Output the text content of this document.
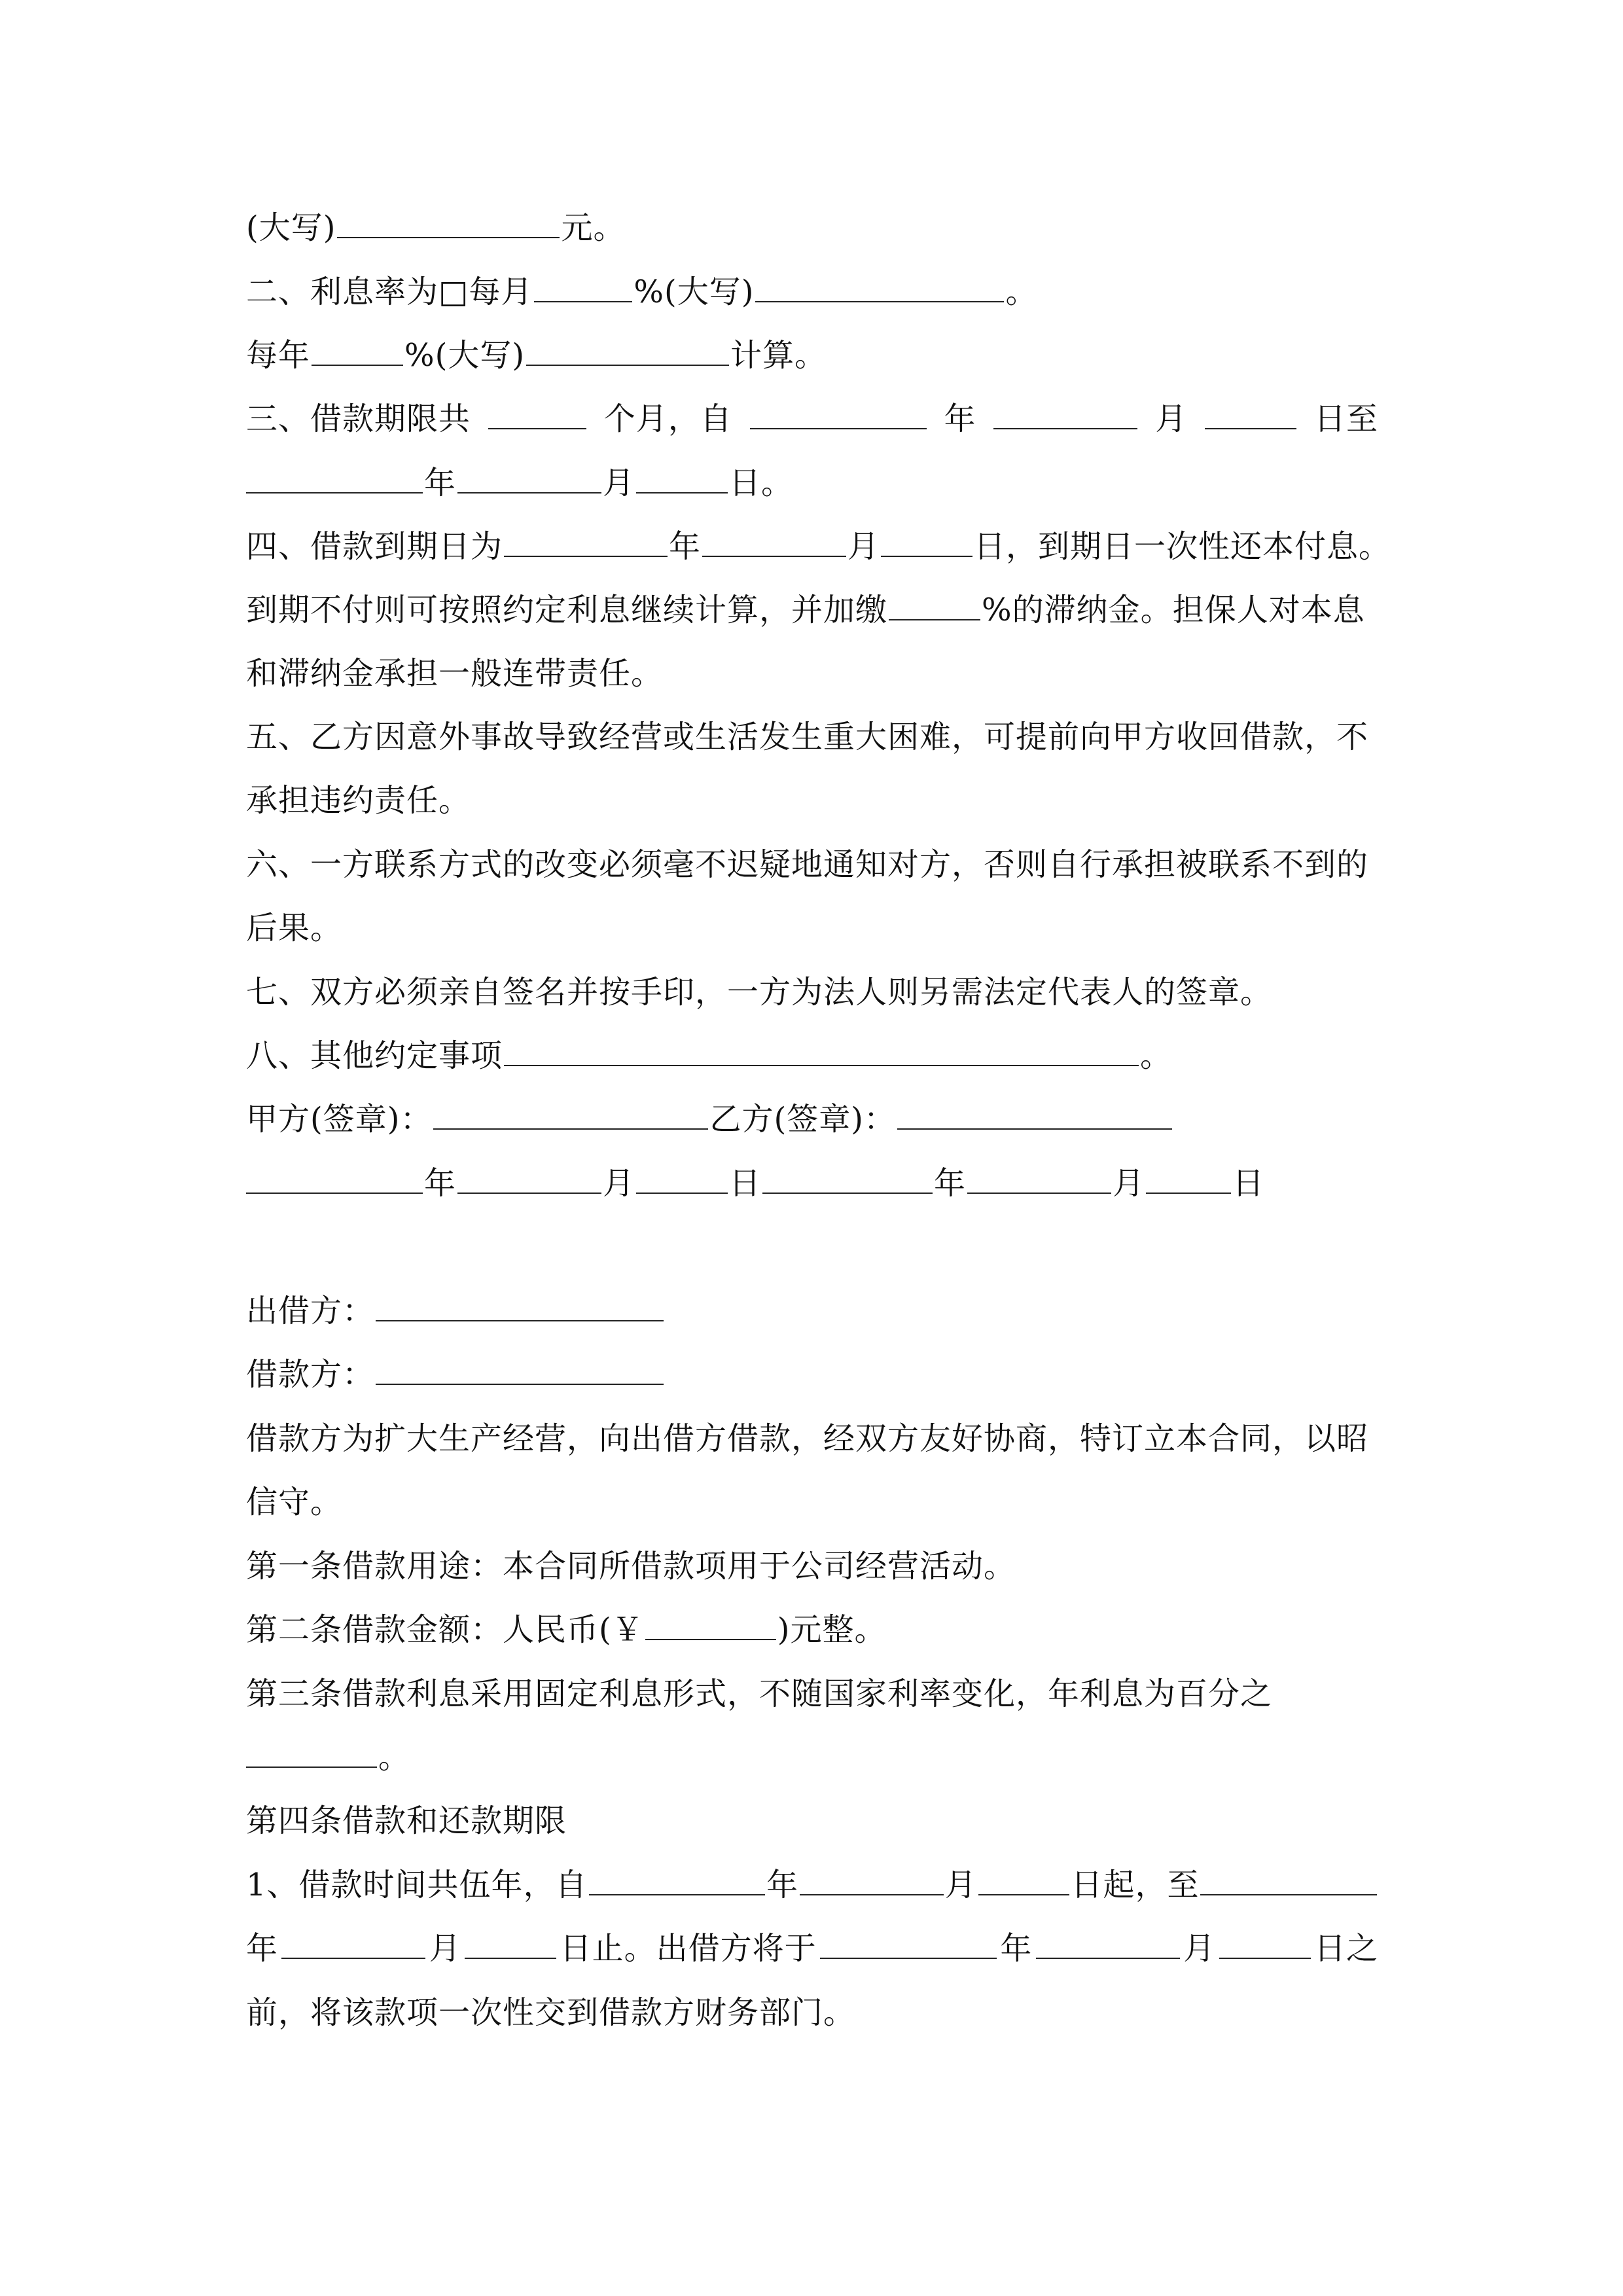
(大写)	元。
二、利息率为□每月	%(大写)	。
每年	%(大写)	计算。
三、借款期限共	个月，自	年	月	日至
年	月	日。
四、借款到期日为	年	月	日，到期日一次性还本付息。
到期不付则可按照约定利息继续计算，并加缴	%的滞纳金。担保人对本息
和滞纳金承担一般连带责任。
五、乙方因意外事故导致经营或生活发生重大困难，可提前向甲方收回借款，不
承担违约责任。
六、一方联系方式的改变必须毫不迟疑地通知对方，否则自行承担被联系不到的
后果。
七、双方必须亲自签名并按手印，一方为法人则另需法定代表人的签章。
八、其他约定事项	。
甲方(签章)：	乙方(签章)：
年	月	日	年	月	日
出借方：
借款方：
借款方为扩大生产经营，向出借方借款，经双方友好协商，特订立本合同，以昭
信守。
第一条借款用途：本合同所借款项用于公司经营活动。
第二条借款金额：人民币(￥	)元整。
第三条借款利息采用固定利息形式，不随国家利率变化，年利息为百分之
。
第四条借款和还款期限
1、借款时间共伍年，自	年	月	日起，至
年	月	日止。出借方将于	年	月	日之
前，将该款项一次性交到借款方财务部门。
